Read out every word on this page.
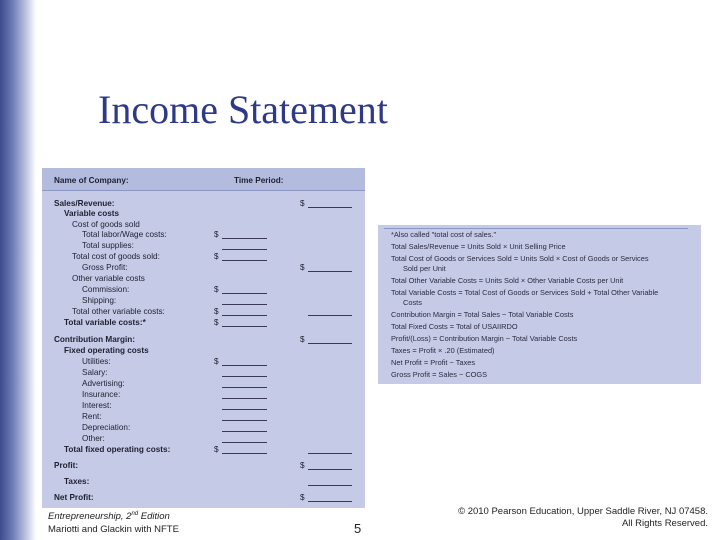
Income Statement
Name of Company:	Time Period:
Sales/Revenue:
Variable costs
Cost of goods sold
Total labor/Wage costs:
Total supplies:
Total cost of goods sold:
Gross Profit:
Other variable costs
Commission:
Shipping:
Total other variable costs:
Total variable costs:*
Contribution Margin:
Fixed operating costs
Utilities:
Salary:
Advertising:
Insurance:
Interest:
Rent:
Depreciation:
Other:
Total fixed operating costs:
Profit:
Taxes:
Net Profit:
$
$
$
$
$
$
$
$
$
$
$
$
*Also called "total cost of sales."
Total Sales/Revenue = Units Sold × Unit Selling Price
Total Cost of Goods or Services Sold = Units Sold × Cost of Goods or Services
Sold per Unit
Total Other Variable Costs = Units Sold × Other Variable Costs per Unit
Total Variable Costs = Total Cost of Goods or Services Sold + Total Other Variable
Costs
Contribution Margin = Total Sales − Total Variable Costs
Total Fixed Costs = Total of USAIIRDO
Profit/(Loss) = Contribution Margin − Total Variable Costs
Taxes = Profit × .20 (Estimated)
Net Profit = Profit − Taxes
Gross Profit = Sales − COGS
Entrepreneurship, 2nd Edition
Mariotti and Glackin with NFTE	5
© 2010 Pearson Education, Upper Saddle River, NJ 07458.
All Rights Reserved.
